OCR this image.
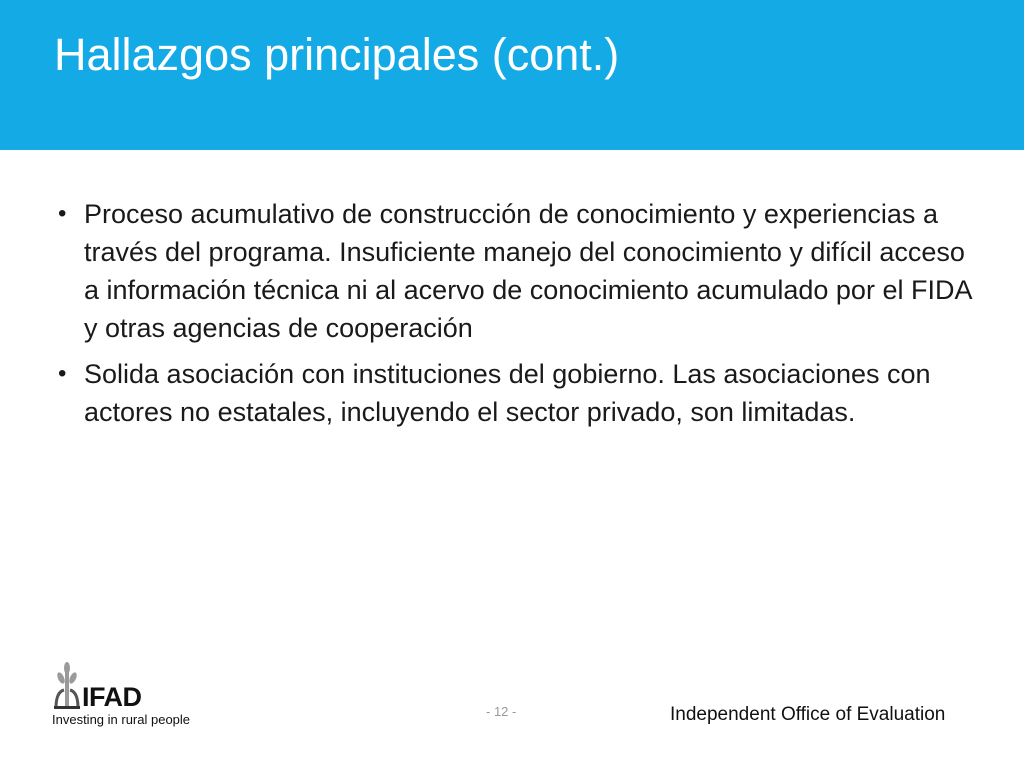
Hallazgos principales (cont.)
• Proceso acumulativo de construcción de conocimiento y experiencias a través del programa. Insuficiente manejo del conocimiento y difícil acceso a información técnica ni al acervo de conocimiento acumulado por el FIDA y otras agencias de cooperación
• Solida asociación con instituciones del gobierno. Las asociaciones con actores no estatales, incluyendo el sector privado, son limitadas.
IFAD
Investing in rural people
- 12 -	Independent Office of Evaluation
